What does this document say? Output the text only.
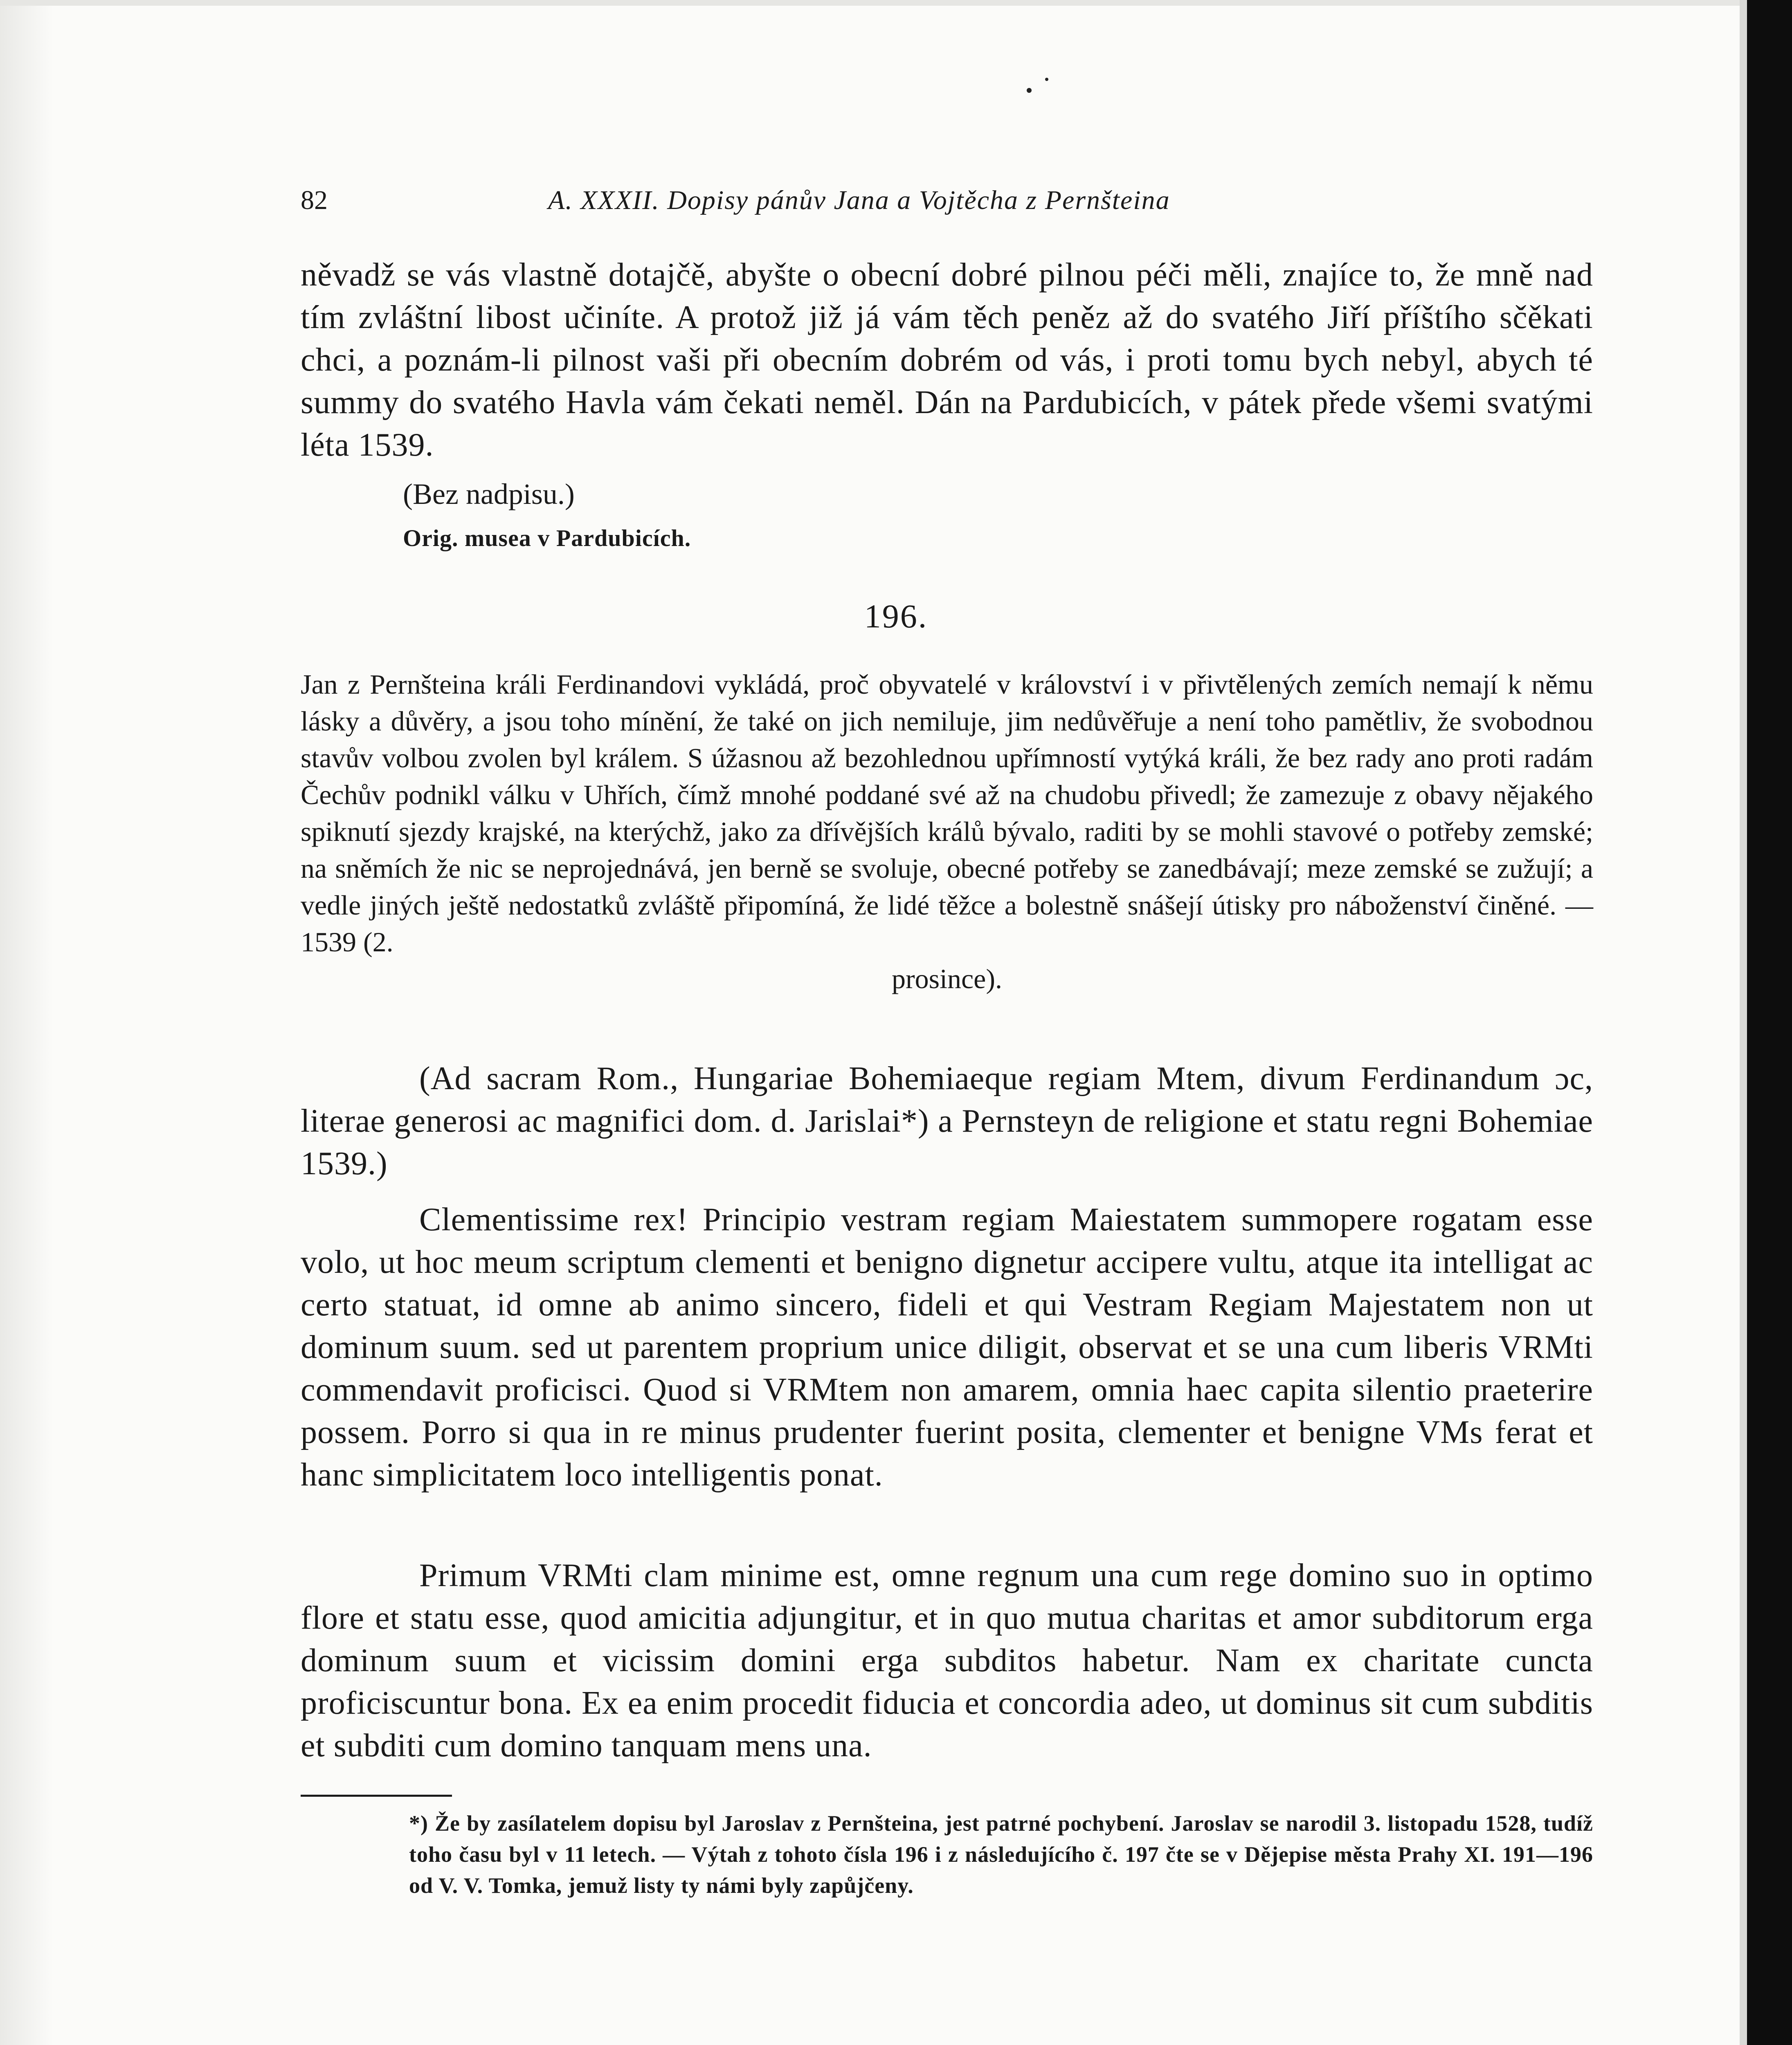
82	A. XXXII. Dopisy pánův Jana a Vojtěcha z Pernšteina

něvadž se vás vlastně dotajčě, abyšte o obecní dobré pilnou péči měli, znajíce to, že mně nad tím zvláštní libost učiníte. A protož již já vám těch peněz až do svatého Jiří příštího sčěkati chci, a poznám-li pilnost vaši při obecním dobrém od vás, i proti tomu bych nebyl, abych té summy do svatého Havla vám čekati neměl. Dán na Pardubicích, v pátek přede všemi svatými léta 1539.

(Bez nadpisu.)
Orig. musea v Pardubicích.
196.
Jan z Pernšteina králi Ferdinandovi vykládá, proč obyvatelé v království i v přivtělených zemích nemají k němu lásky a důvěry, a jsou toho mínění, že také on jich nemiluje, jim nedůvěřuje a není toho pamětliv, že svobodnou stavův volbou zvolen byl králem. S úžasnou až bezohlednou upřímností vytýká králi, že bez rady ano proti radám Čechův podnikl válku v Uhřích, čímž mnohé poddané své až na chudobu přivedl; že zamezuje z obavy nějakého spiknutí sjezdy krajské, na kterýchž, jako za dřívějších králů bývalo, raditi by se mohli stavové o potřeby zemské; na sněmích že nic se neprojednává, jen berně se svoluje, obecné potřeby se zanedbávají; meze zemské se zužují; a vedle jiných ještě nedostatků zvláště připomíná, že lidé těžce a bolestně snášejí útisky pro náboženství činěné. — 1539 (2.
prosince).

(Ad sacram Rom., Hungariae Bohemiaeque regiam Mtem, divum Ferdinandum ɔc, literae generosi ac magnifici dom. d. Jarislai*) a Pernsteyn de religione et statu regni Bohemiae 1539.)

Clementissime rex! Principio vestram regiam Maiestatem summopere rogatam esse volo, ut hoc meum scriptum clementi et benigno dignetur accipere vultu, atque ita intelligat ac certo statuat, id omne ab animo sincero, fideli et qui Vestram Regiam Majestatem non ut dominum suum. sed ut parentem proprium unice diligit, observat et se una cum liberis VRMti commendavit proficisci. Quod si VRMtem non amarem, omnia haec capita silentio praeterire possem. Porro si qua in re minus prudenter fuerint posita, clementer et benigne VMs ferat et hanc simplicitatem loco intelligentis ponat.

Primum VRMti clam minime est, omne regnum una cum rege domino suo in optimo flore et statu esse, quod amicitia adjungitur, et in quo mutua charitas et amor subditorum erga dominum suum et vicissim domini erga subditos habetur. Nam ex charitate cuncta proficiscuntur bona. Ex ea enim procedit fiducia et concordia adeo, ut dominus sit cum subditis et subditi cum domino tanquam mens una.

*) Že by zasílatelem dopisu byl Jaroslav z Pernšteina, jest patrné pochybení. Jaroslav se narodil 3. listopadu 1528, tudíž toho času byl v 11 letech. — Výtah z tohoto čísla 196 i z následujícího č. 197 čte se v Dějepise města Prahy XI. 191—196 od V. V. Tomka, jemuž listy ty námi byly zapůjčeny.
